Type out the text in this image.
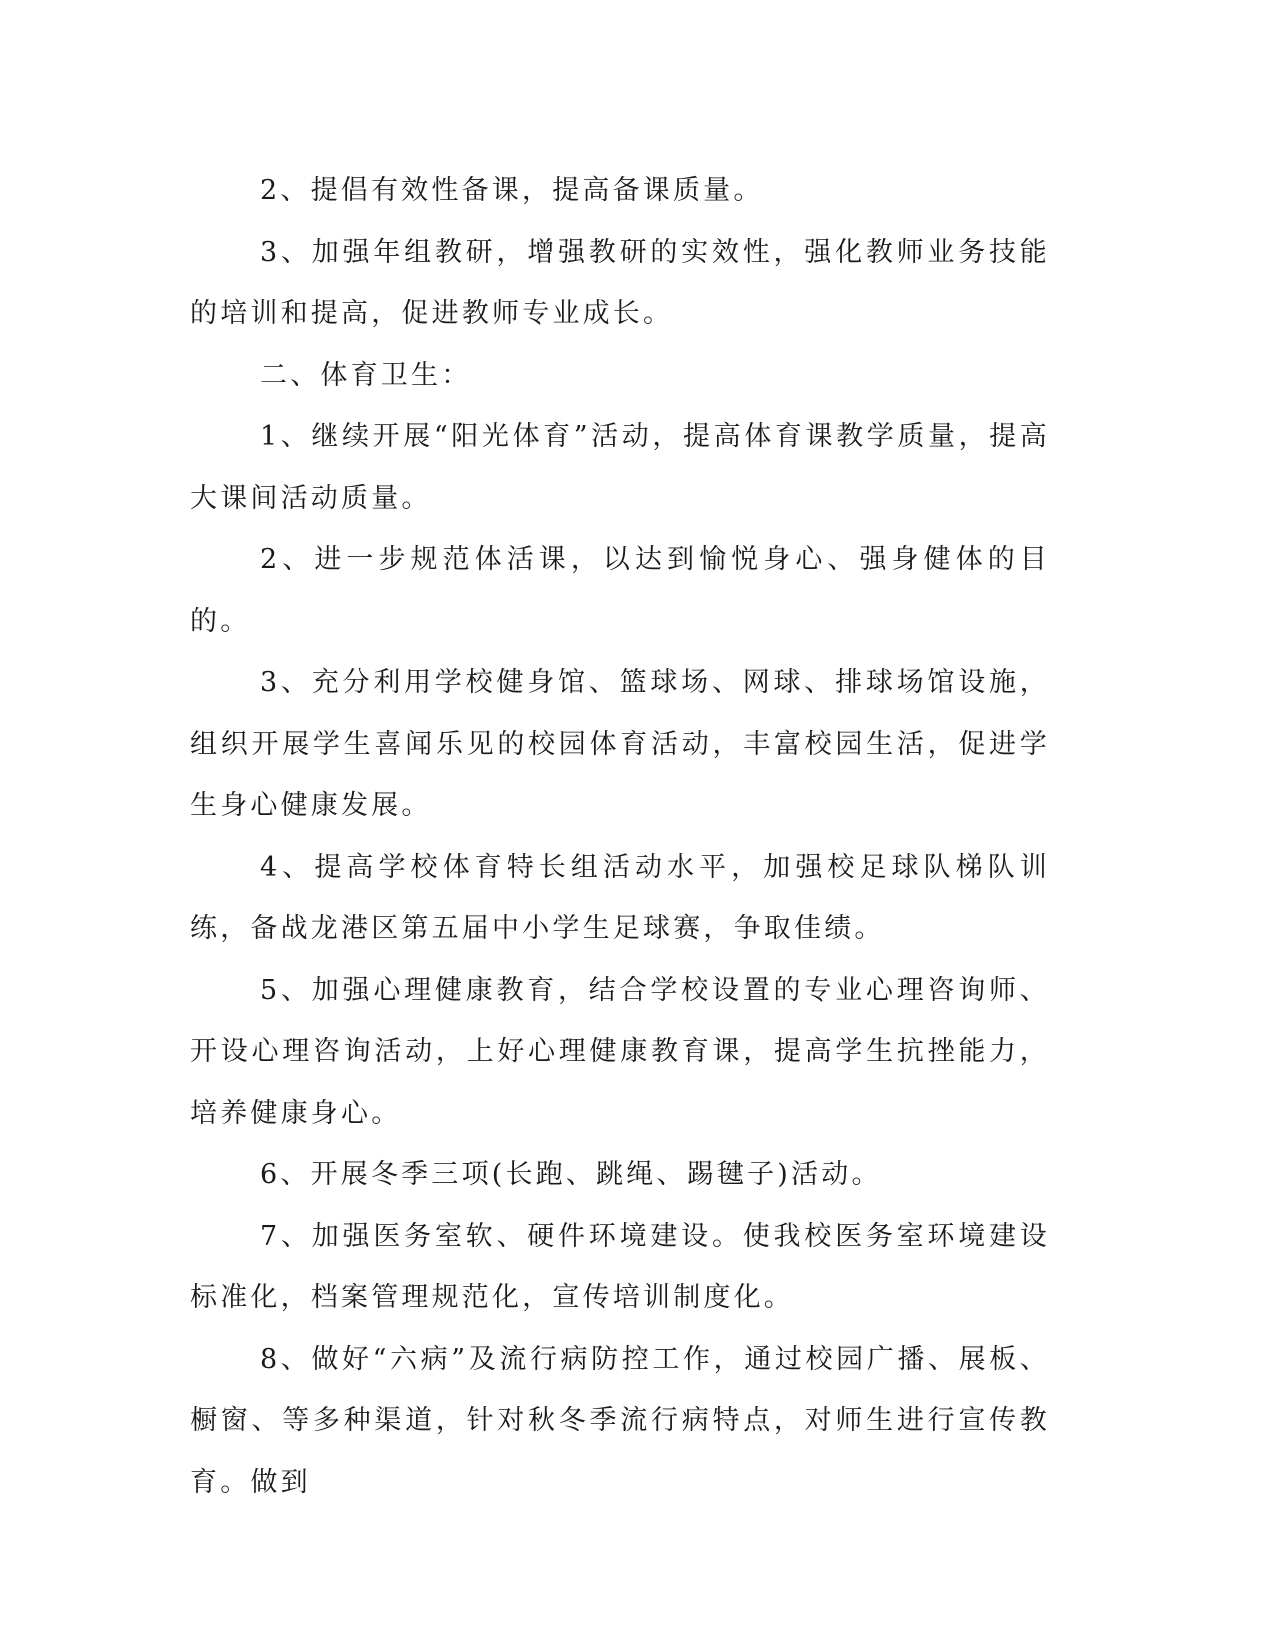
2、提倡有效性备课，提高备课质量。

3、加强年组教研，增强教研的实效性，强化教师业务技能的培训和提高，促进教师专业成长。

二、体育卫生：

1、继续开展“阳光体育”活动，提高体育课教学质量，提高大课间活动质量。

2、进一步规范体活课，以达到愉悦身心、强身健体的目的。

3、充分利用学校健身馆、篮球场、网球、排球场馆设施，组织开展学生喜闻乐见的校园体育活动，丰富校园生活，促进学生身心健康发展。

4、提高学校体育特长组活动水平，加强校足球队梯队训练，备战龙港区第五届中小学生足球赛，争取佳绩。

5、加强心理健康教育，结合学校设置的专业心理咨询师、开设心理咨询活动，上好心理健康教育课，提高学生抗挫能力，培养健康身心。

6、开展冬季三项(长跑、跳绳、踢毽子)活动。

7、加强医务室软、硬件环境建设。使我校医务室环境建设标准化，档案管理规范化，宣传培训制度化。

8、做好“六病”及流行病防控工作，通过校园广播、展板、橱窗、等多种渠道，针对秋冬季流行病特点，对师生进行宣传教育。做到
